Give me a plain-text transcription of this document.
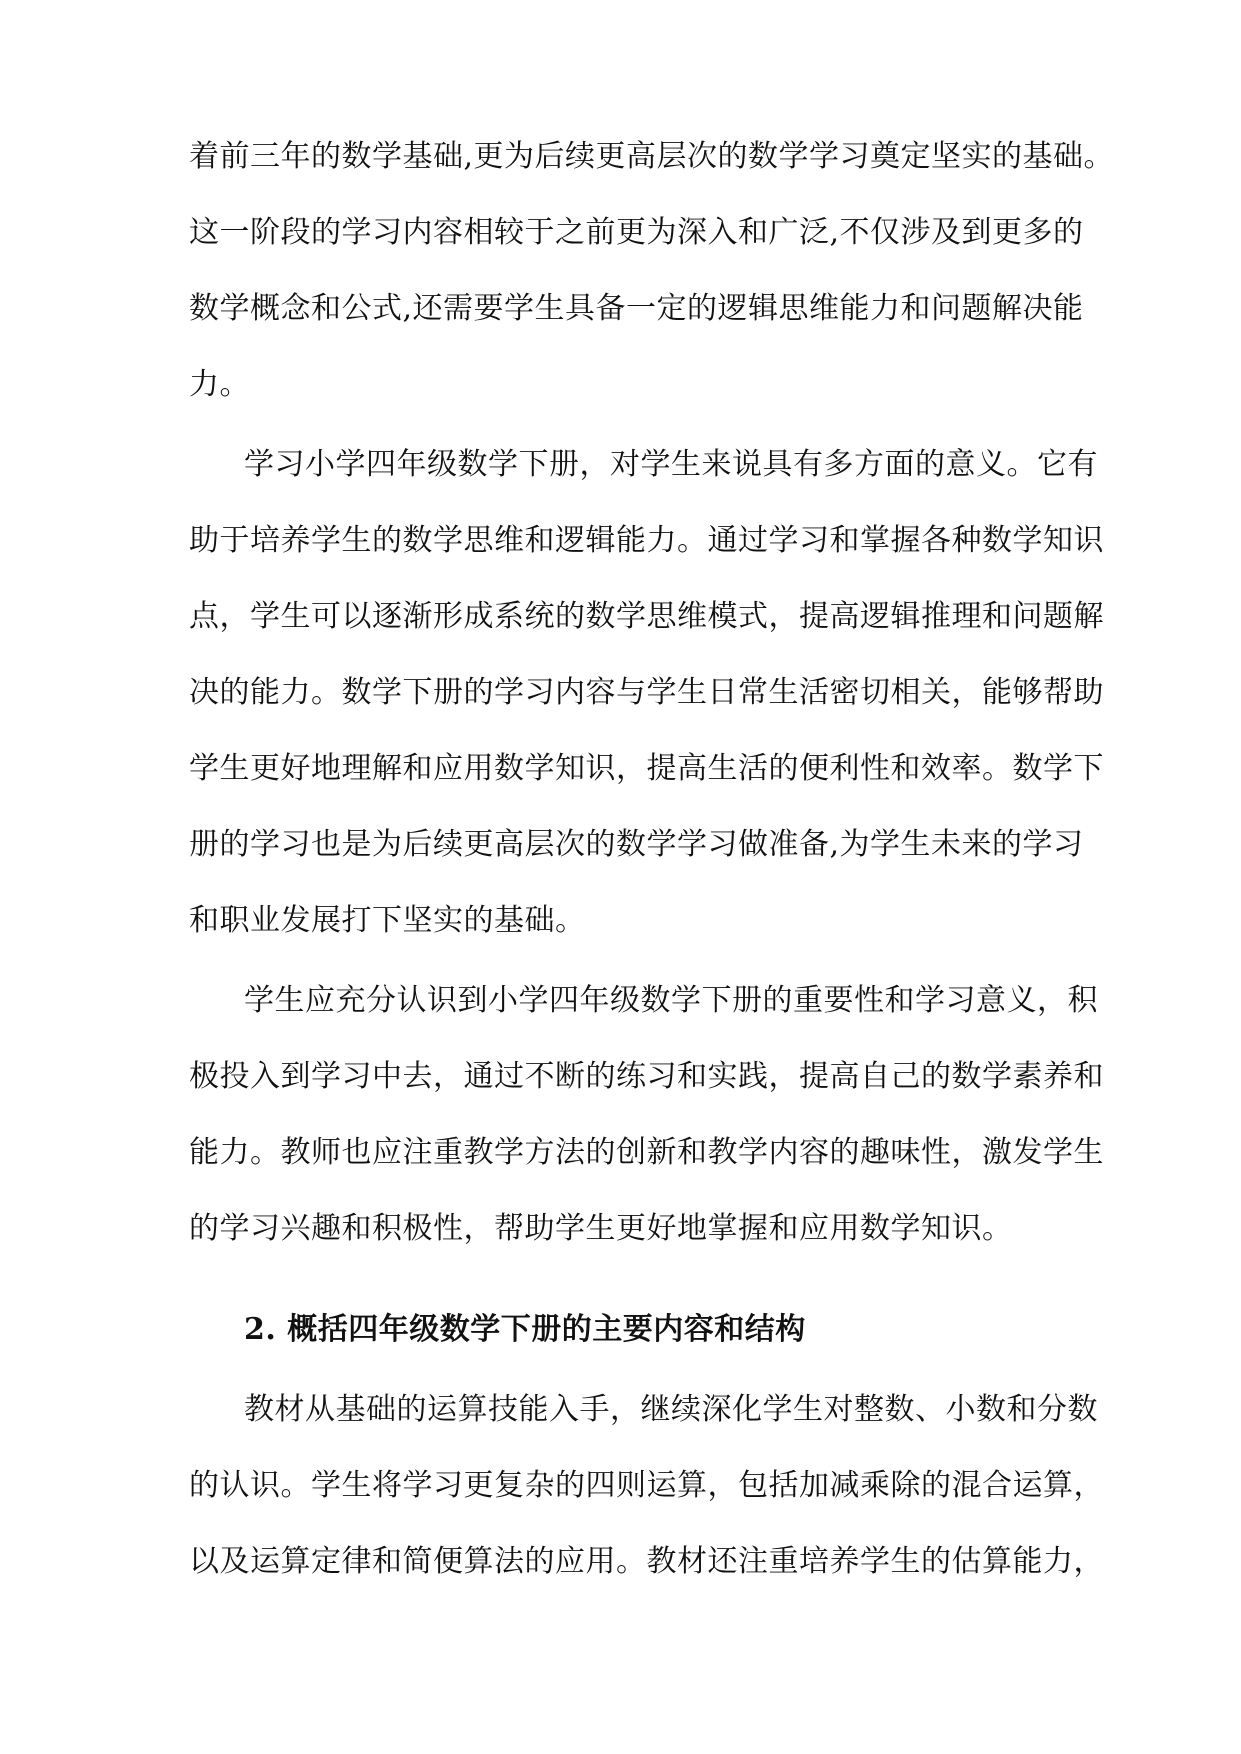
着前三年的数学基础,更为后续更高层次的数学学习奠定坚实的基础。
这一阶段的学习内容相较于之前更为深入和广泛,不仅涉及到更多的
数学概念和公式,还需要学生具备一定的逻辑思维能力和问题解决能
力。
学习小学四年级数学下册，对学生来说具有多方面的意义。它有
助于培养学生的数学思维和逻辑能力。通过学习和掌握各种数学知识
点，学生可以逐渐形成系统的数学思维模式，提高逻辑推理和问题解
决的能力。数学下册的学习内容与学生日常生活密切相关，能够帮助
学生更好地理解和应用数学知识，提高生活的便利性和效率。数学下
册的学习也是为后续更高层次的数学学习做准备,为学生未来的学习
和职业发展打下坚实的基础。
学生应充分认识到小学四年级数学下册的重要性和学习意义，积
极投入到学习中去，通过不断的练习和实践，提高自己的数学素养和
能力。教师也应注重教学方法的创新和教学内容的趣味性，激发学生
的学习兴趣和积极性，帮助学生更好地掌握和应用数学知识。
2. 概括四年级数学下册的主要内容和结构
教材从基础的运算技能入手，继续深化学生对整数、小数和分数
的认识。学生将学习更复杂的四则运算，包括加减乘除的混合运算，
以及运算定律和简便算法的应用。教材还注重培养学生的估算能力，
